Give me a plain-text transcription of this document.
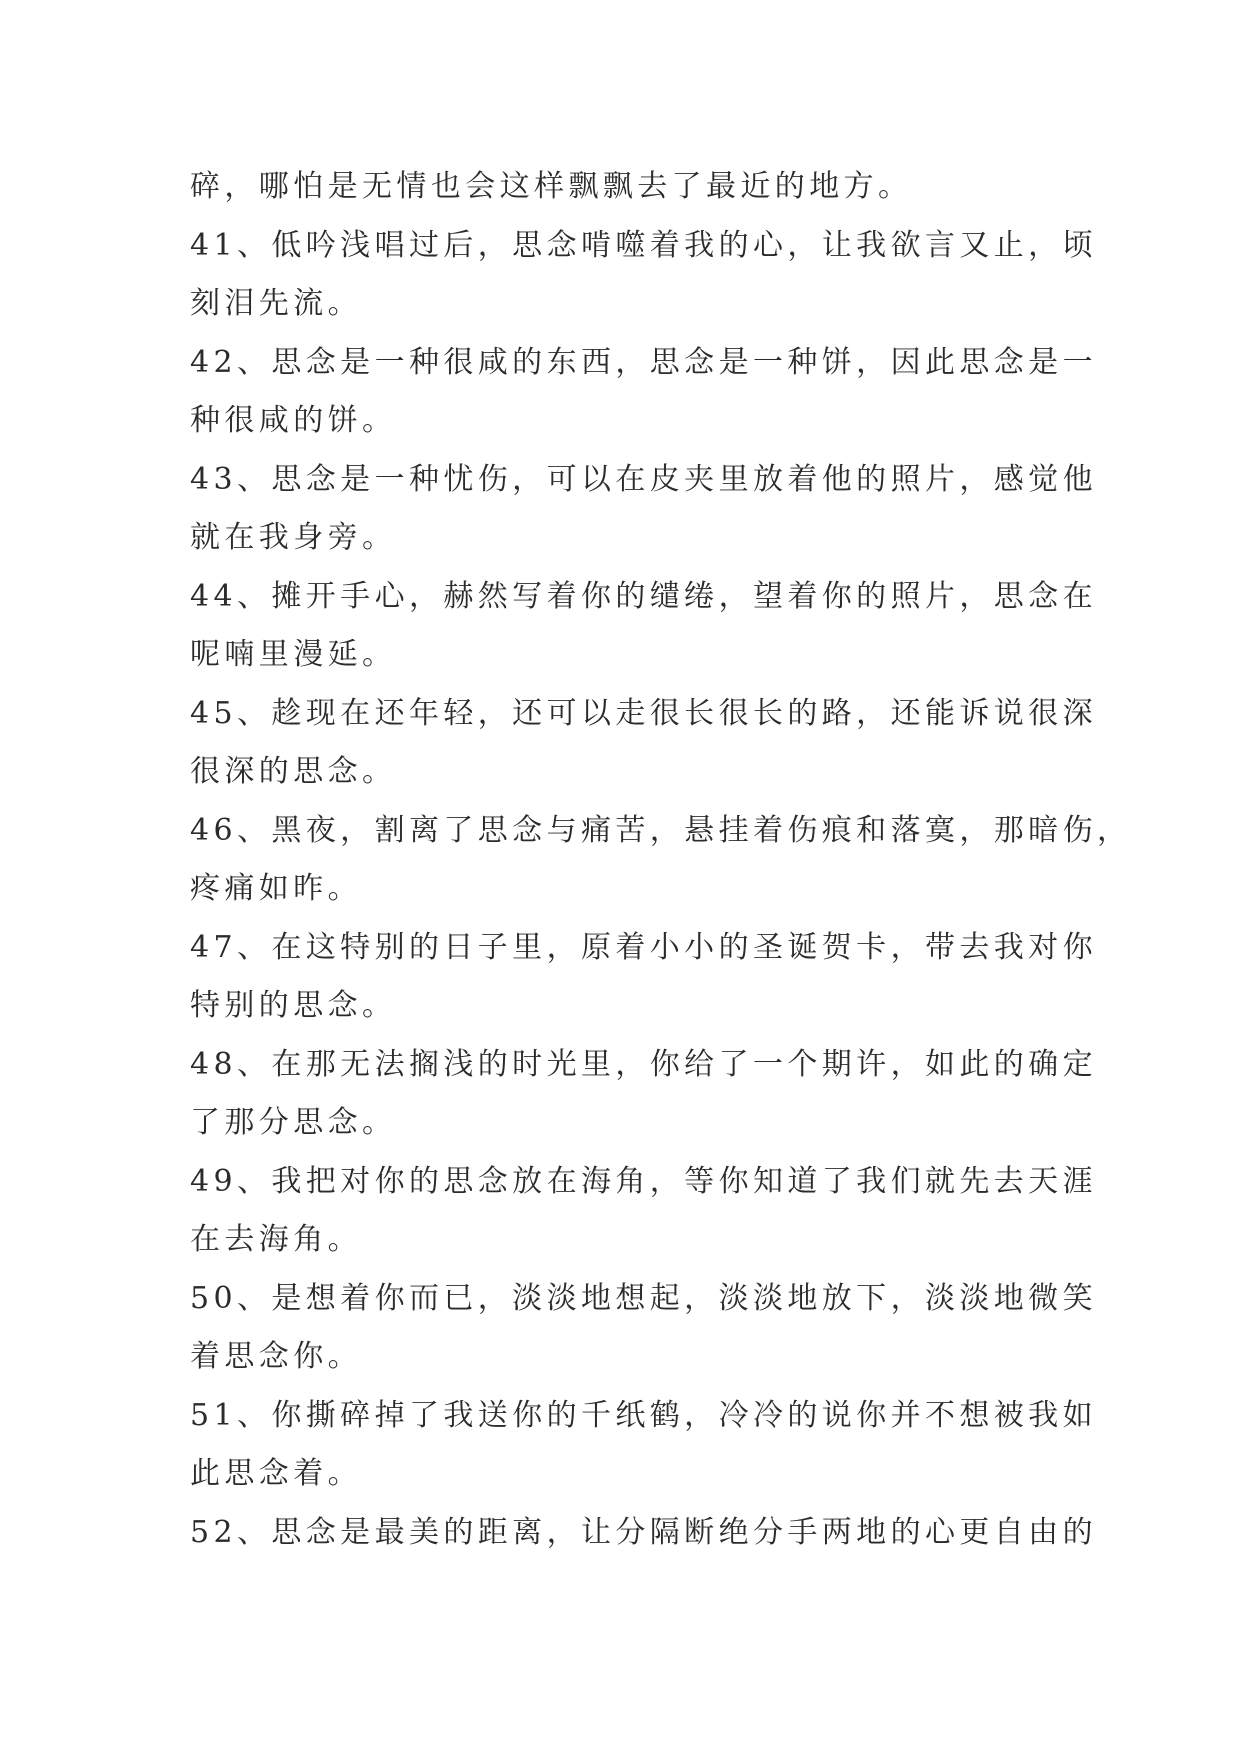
碎，哪怕是无情也会这样飘飘去了最近的地方。
41、低吟浅唱过后，思念啃噬着我的心，让我欲言又止，顷
刻泪先流。
42、思念是一种很咸的东西，思念是一种饼，因此思念是一
种很咸的饼。
43、思念是一种忧伤，可以在皮夹里放着他的照片，感觉他
就在我身旁。
44、摊开手心，赫然写着你的缱绻，望着你的照片，思念在
呢喃里漫延。
45、趁现在还年轻，还可以走很长很长的路，还能诉说很深
很深的思念。
46、黑夜，割离了思念与痛苦，悬挂着伤痕和落寞，那暗伤，
疼痛如昨。
47、在这特别的日子里，原着小小的圣诞贺卡，带去我对你
特别的思念。
48、在那无法搁浅的时光里，你给了一个期许，如此的确定
了那分思念。
49、我把对你的思念放在海角，等你知道了我们就先去天涯
在去海角。
50、是想着你而已，淡淡地想起，淡淡地放下，淡淡地微笑
着思念你。
51、你撕碎掉了我送你的千纸鹤，冷冷的说你并不想被我如
此思念着。
52、思念是最美的距离，让分隔断绝分手两地的心更自由的
